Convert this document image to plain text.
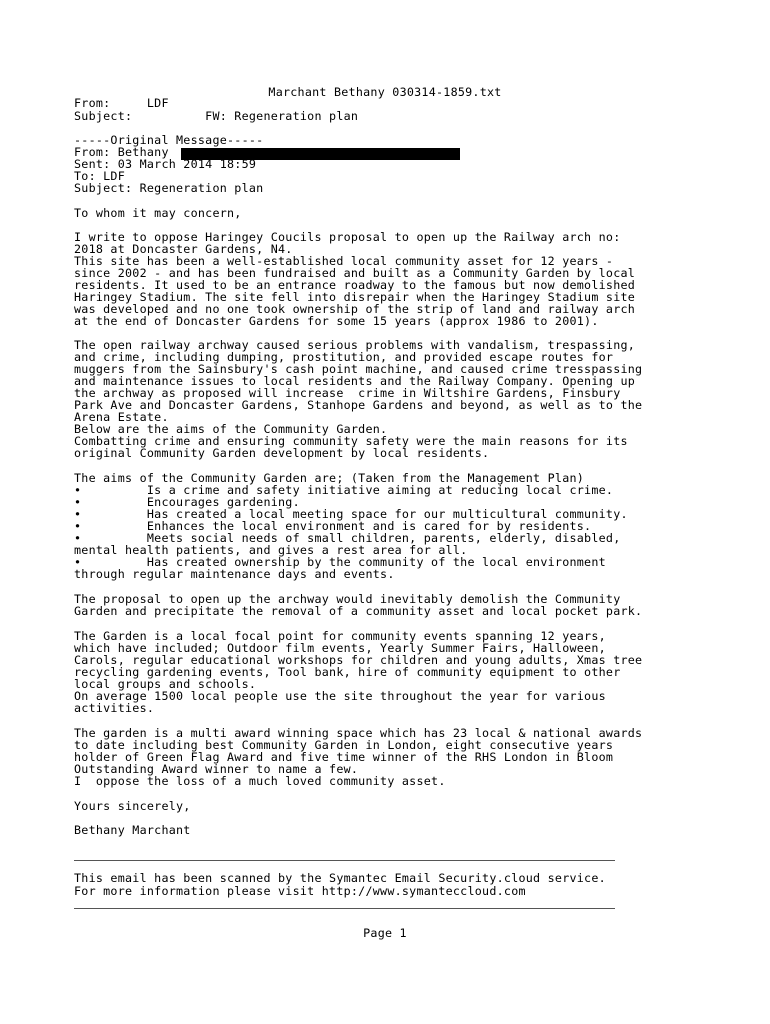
Marchant Bethany 030314-1859.txt
From:     LDF
Subject:          FW: Regeneration plan
-----Original Message-----
From: Bethany
Sent: 03 March 2014 18:59
To: LDF
Subject: Regeneration plan
To whom it may concern,
I write to oppose Haringey Coucils proposal to open up the Railway arch no:
2018 at Doncaster Gardens, N4.
This site has been a well-established local community asset for 12 years -
since 2002 - and has been fundraised and built as a Community Garden by local
residents. It used to be an entrance roadway to the famous but now demolished
Haringey Stadium. The site fell into disrepair when the Haringey Stadium site
was developed and no one took ownership of the strip of land and railway arch
at the end of Doncaster Gardens for some 15 years (approx 1986 to 2001).
The open railway archway caused serious problems with vandalism, trespassing,
and crime, including dumping, prostitution, and provided escape routes for
muggers from the Sainsbury's cash point machine, and caused crime tresspassing
and maintenance issues to local residents and the Railway Company. Opening up
the archway as proposed will increase  crime in Wiltshire Gardens, Finsbury
Park Ave and Doncaster Gardens, Stanhope Gardens and beyond, as well as to the
Arena Estate.
Below are the aims of the Community Garden.
Combatting crime and ensuring community safety were the main reasons for its
original Community Garden development by local residents.
The aims of the Community Garden are; (Taken from the Management Plan)
•         Is a crime and safety initiative aiming at reducing local crime.
•         Encourages gardening.
•         Has created a local meeting space for our multicultural community.
•         Enhances the local environment and is cared for by residents.
•         Meets social needs of small children, parents, elderly, disabled,
mental health patients, and gives a rest area for all.
•         Has created ownership by the community of the local environment
through regular maintenance days and events.
The proposal to open up the archway would inevitably demolish the Community
Garden and precipitate the removal of a community asset and local pocket park.
The Garden is a local focal point for community events spanning 12 years,
which have included; Outdoor film events, Yearly Summer Fairs, Halloween,
Carols, regular educational workshops for children and young adults, Xmas tree
recycling gardening events, Tool bank, hire of community equipment to other
local groups and schools.
On average 1500 local people use the site throughout the year for various
activities.
The garden is a multi award winning space which has 23 local & national awards
to date including best Community Garden in London, eight consecutive years
holder of Green Flag Award and five time winner of the RHS London in Bloom
Outstanding Award winner to name a few.
I  oppose the loss of a much loved community asset.
Yours sincerely,
Bethany Marchant
This email has been scanned by the Symantec Email Security.cloud service.
For more information please visit http://www.symanteccloud.com
Page 1
